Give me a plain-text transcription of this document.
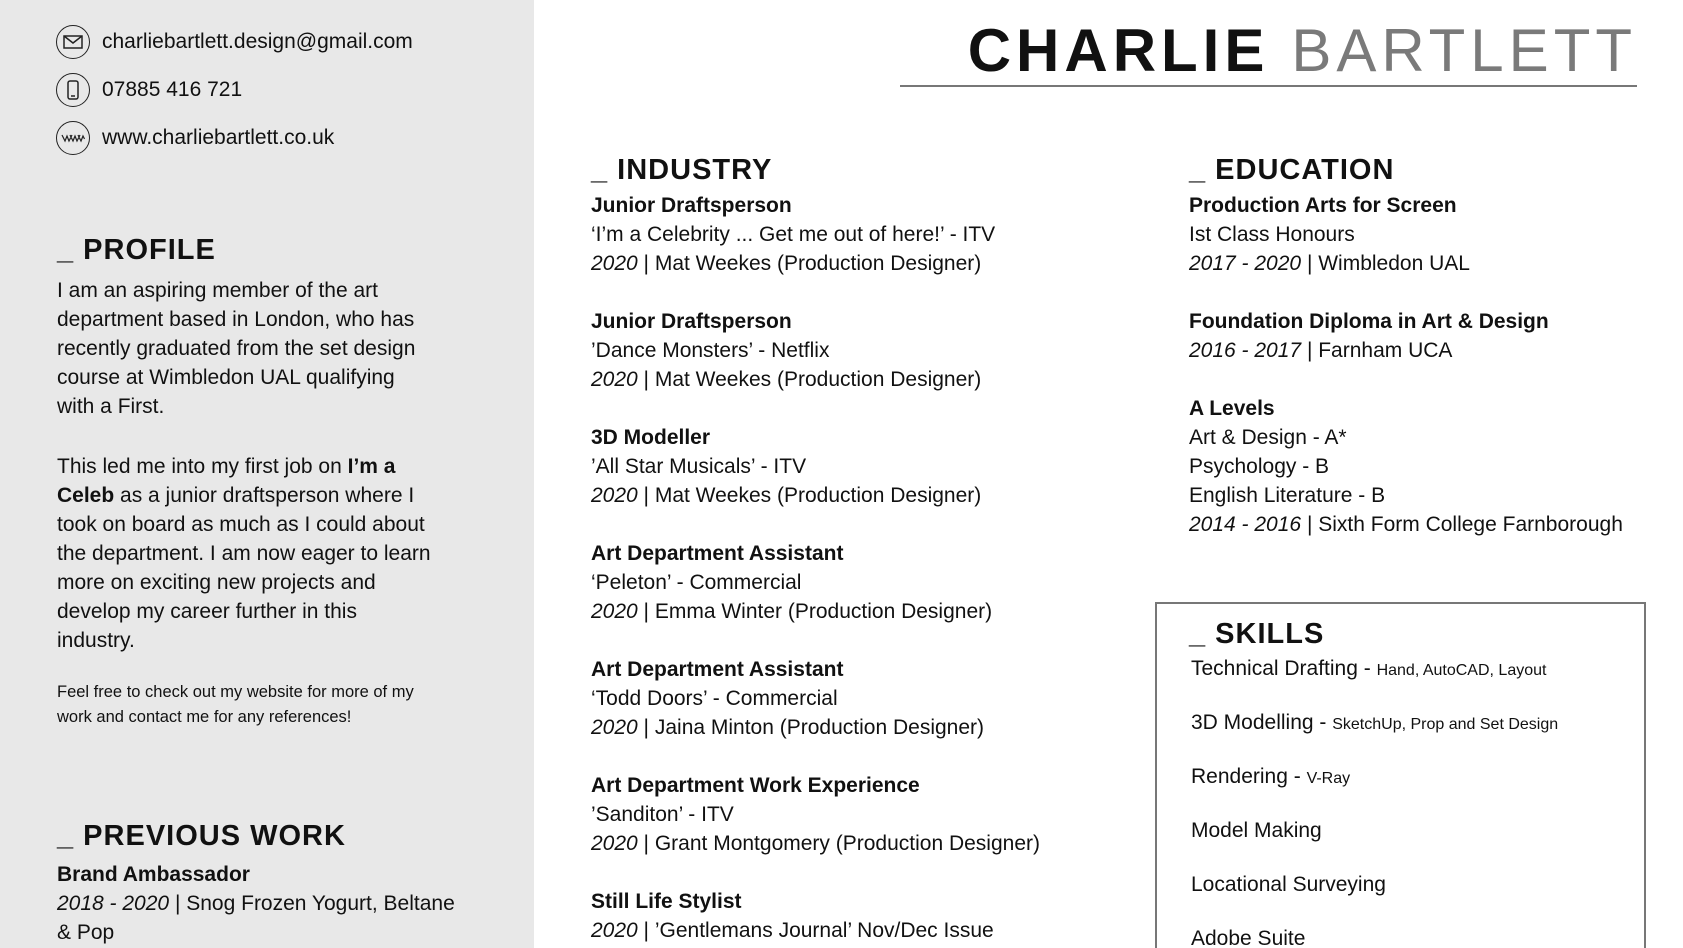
charliebartlett.design@gmail.com
07885 416 721
www.charliebartlett.co.uk
_ PROFILE
I am an aspiring member of the art
department based in London, who has
recently graduated from the set design
course at Wimbledon UAL qualifying
with a First.
This led me into my first job on I’m a
Celeb as a junior draftsperson where I
took on board as much as I could about
the department. I am now eager to learn
more on exciting new projects and
develop my career further in this
industry.
Feel free to check out my website for more of my
work and contact me for any references!
_ PREVIOUS WORK
Brand Ambassador
2018 - 2020 | Snog Frozen Yogurt, Beltane
& Pop
CHARLIE BARTLETT
_ INDUSTRY
Junior Draftsperson
‘I’m a Celebrity ... Get me out of here!’ - ITV
2020 | Mat Weekes (Production Designer)
Junior Draftsperson
’Dance Monsters’ - Netflix
2020 | Mat Weekes (Production Designer)
3D Modeller
’All Star Musicals’ - ITV
2020 | Mat Weekes (Production Designer)
Art Department Assistant
‘Peleton’ - Commercial
2020 | Emma Winter (Production Designer)
Art Department Assistant
‘Todd Doors’ - Commercial
2020 | Jaina Minton (Production Designer)
Art Department Work Experience
’Sanditon’ - ITV
2020 | Grant Montgomery (Production Designer)
Still Life Stylist
2020 | ’Gentlemans Journal’ Nov/Dec Issue
_ EDUCATION
Production Arts for Screen
Ist Class Honours
2017 - 2020 | Wimbledon UAL
Foundation Diploma in Art & Design
2016 - 2017 | Farnham UCA
A Levels
Art & Design - A*
Psychology - B
English Literature - B
2014 - 2016 | Sixth Form College Farnborough
_ SKILLS
Technical Drafting - Hand, AutoCAD, Layout
3D Modelling - SketchUp, Prop and Set Design
Rendering - V-Ray
Model Making
Locational Surveying
Adobe Suite
